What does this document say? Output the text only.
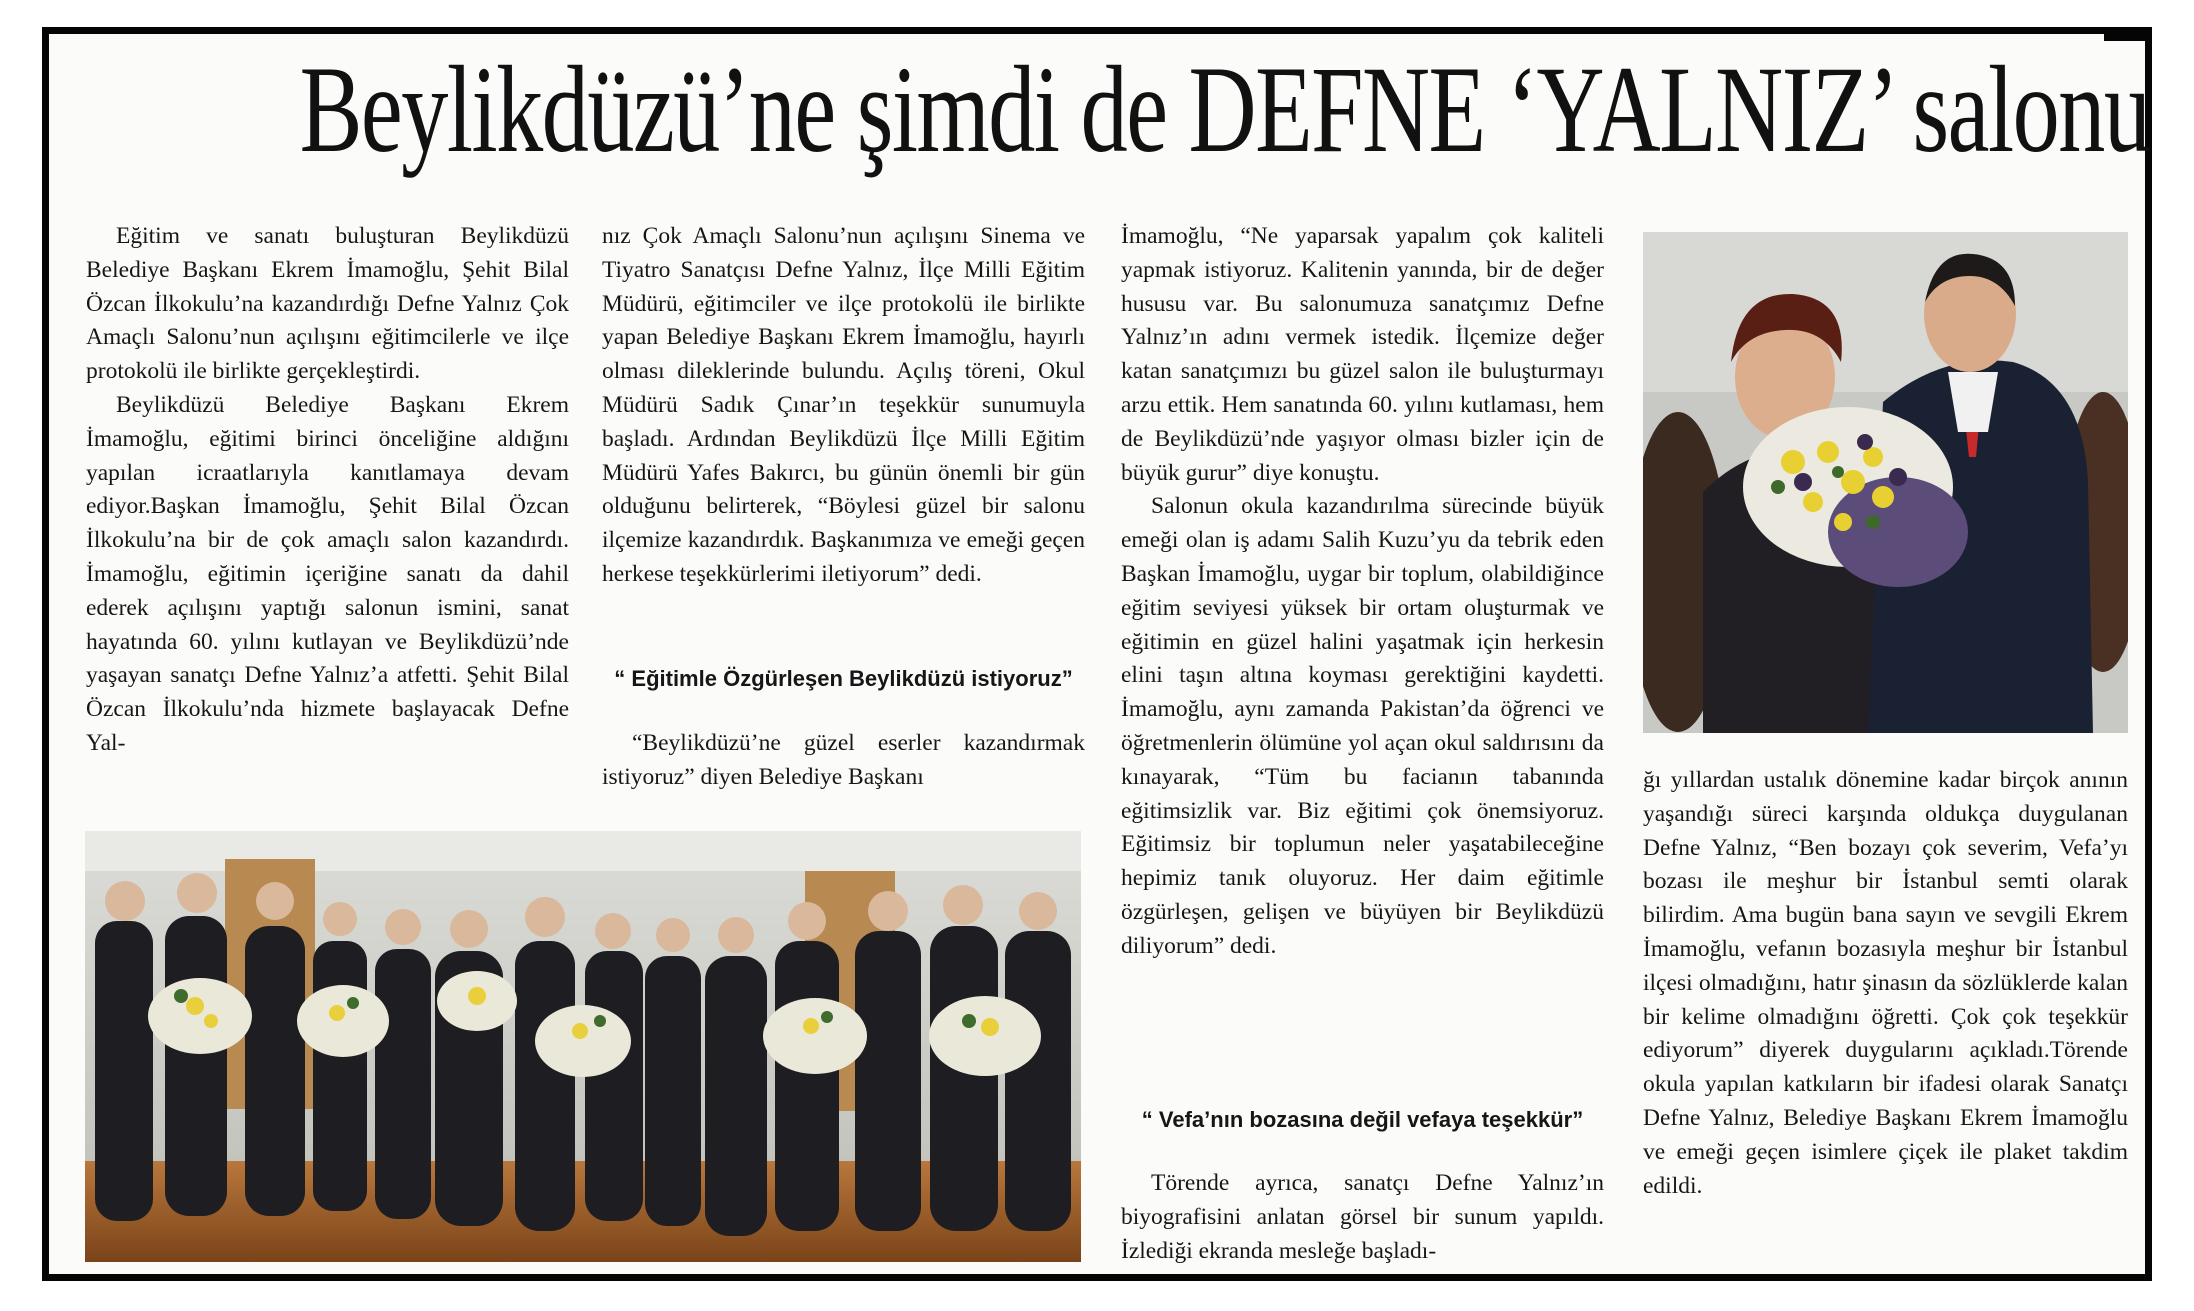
Beylikdüzü’ne şimdi de DEFNE ‘YALNIZ’ salonu

Eğitim ve sanatı buluşturan Beylikdüzü Belediye Başkanı Ekrem İmamoğlu, Şehit Bilal Özcan İlkokulu’na kazandırdığı Defne Yalnız Çok Amaçlı Salonu’nun açılışını eğitimcilerle ve ilçe protokolü ile birlikte gerçekleştirdi.

Beylikdüzü Belediye Başkanı Ekrem İmamoğlu, eğitimi birinci önceliğine aldığını yapılan icraatlarıyla kanıtlamaya devam ediyor.Başkan İmamoğlu, Şehit Bilal Özcan İlkokulu’na bir de çok amaçlı salon kazandırdı. İmamoğlu, eğitimin içeriğine sanatı da dahil ederek açılışını yaptığı salonun ismini, sanat hayatında 60. yılını kutlayan ve Beylikdüzü’nde yaşayan sanatçı Defne Yalnız’a atfetti. Şehit Bilal Özcan İlkokulu’nda hizmete başlayacak Defne Yal-

nız Çok Amaçlı Salonu’nun açılışını Sinema ve Tiyatro Sanatçısı Defne Yalnız, İlçe Milli Eğitim Müdürü, eğitimciler ve ilçe protokolü ile birlikte yapan Belediye Başkanı Ekrem İmamoğlu, hayırlı olması dileklerinde bulundu. Açılış töreni, Okul Müdürü Sadık Çınar’ın teşekkür sunumuyla başladı. Ardından Beylikdüzü İlçe Milli Eğitim Müdürü Yafes Bakırcı, bu günün önemli bir gün olduğunu belirterek, “Böylesi güzel bir salonu ilçemize kazandırdık. Başkanımıza ve emeği geçen herkese teşekkürlerimi iletiyorum” dedi.

“ Eğitimle Özgürleşen Beylikdüzü istiyoruz”

“Beylikdüzü’ne güzel eserler kazandırmak istiyoruz” diyen Belediye Başkanı

İmamoğlu, “Ne yaparsak yapalım çok kaliteli yapmak istiyoruz. Kalitenin yanında, bir de değer hususu var. Bu salonumuza sanatçımız Defne Yalnız’ın adını vermek istedik. İlçemize değer katan sanatçımızı bu güzel salon ile buluşturmayı arzu ettik. Hem sanatında 60. yılını kutlaması, hem de Beylikdüzü’nde yaşıyor olması bizler için de büyük gurur” diye konuştu.

Salonun okula kazandırılma sürecinde büyük emeği olan iş adamı Salih Kuzu’yu da tebrik eden Başkan İmamoğlu, uygar bir toplum, olabildiğince eğitim seviyesi yüksek bir ortam oluşturmak ve eğitimin en güzel halini yaşatmak için herkesin elini taşın altına koyması gerektiğini kaydetti. İmamoğlu, aynı zamanda Pakistan’da öğrenci ve öğretmenlerin ölümüne yol açan okul saldırısını da kınayarak, “Tüm bu facianın tabanında eğitimsizlik var. Biz eğitimi çok önemsiyoruz. Eğitimsiz bir toplumun neler yaşatabileceğine hepimiz tanık oluyoruz. Her daim eğitimle özgürleşen, gelişen ve büyüyen bir Beylikdüzü diliyorum” dedi.

“ Vefa’nın bozasına değil vefaya teşekkür”

Törende ayrıca, sanatçı Defne Yalnız’ın biyografisini anlatan görsel bir sunum yapıldı. İzlediği ekranda mesleğe başladı-

ğı yıllardan ustalık dönemine kadar birçok anının yaşandığı süreci karşında oldukça duygulanan Defne Yalnız, “Ben bozayı çok severim, Vefa’yı bozası ile meşhur bir İstanbul semti olarak bilirdim. Ama bugün bana sayın ve sevgili Ekrem İmamoğlu, vefanın bozasıyla meşhur bir İstanbul ilçesi olmadığını, hatır şinasın da sözlüklerde kalan bir kelime olmadığını öğretti. Çok çok teşekkür ediyorum” diyerek duygularını açıkladı.Törende okula yapılan katkıların bir ifadesi olarak Sanatçı Defne Yalnız, Belediye Başkanı Ekrem İmamoğlu ve emeği geçen isimlere çiçek ile plaket takdim edildi.
